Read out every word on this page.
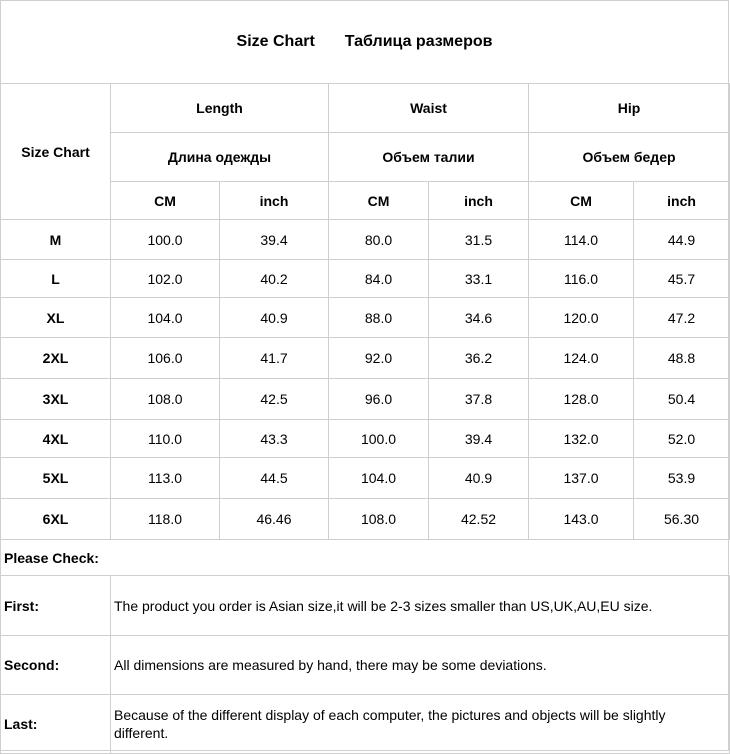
Size Chart Таблица размеров
Size Chart	Length		Waist		Hip	
	Длина одежды		Объем талии		Объем бедер	
	CM	inch	CM	inch	CM	inch
M	100.0	39.4	80.0	31.5	114.0	44.9
L	102.0	40.2	84.0	33.1	116.0	45.7
XL	104.0	40.9	88.0	34.6	120.0	47.2
2XL	106.0	41.7	92.0	36.2	124.0	48.8
3XL	108.0	42.5	96.0	37.8	128.0	50.4
4XL	110.0	43.3	100.0	39.4	132.0	52.0
5XL	113.0	44.5	104.0	40.9	137.0	53.9
6XL	118.0	46.46	108.0	42.52	143.0	56.30
Please Check:
First:	The product you order is Asian size,it will be 2-3 sizes smaller than US,UK,AU,EU size.
Second:	All dimensions are measured by hand, there may be some deviations.
Last:	Because of the different display of each computer, the pictures and objects will be slightly different.
